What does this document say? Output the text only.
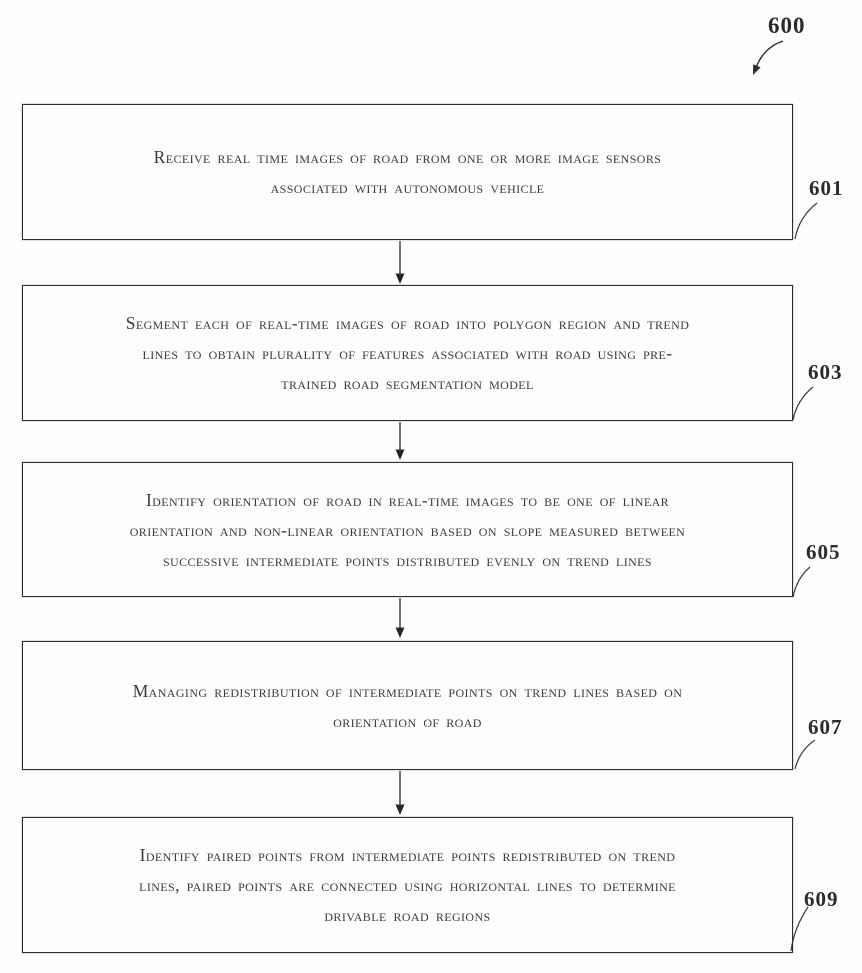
600
Receive real time images of road from one or more image sensors
associated with autonomous vehicle	601
Segment each of real-time images of road into polygon region and trend
lines to obtain plurality of features associated with road using pre-
trained road segmentation model	603
Identify orientation of road in real-time images to be one of linear
orientation and non-linear orientation based on slope measured between
successive intermediate points distributed evenly on trend lines	605
Managing redistribution of intermediate points on trend lines based on
orientation of road	607
Identify paired points from intermediate points redistributed on trend
lines, paired points are connected using horizontal lines to determine
drivable road regions
609
